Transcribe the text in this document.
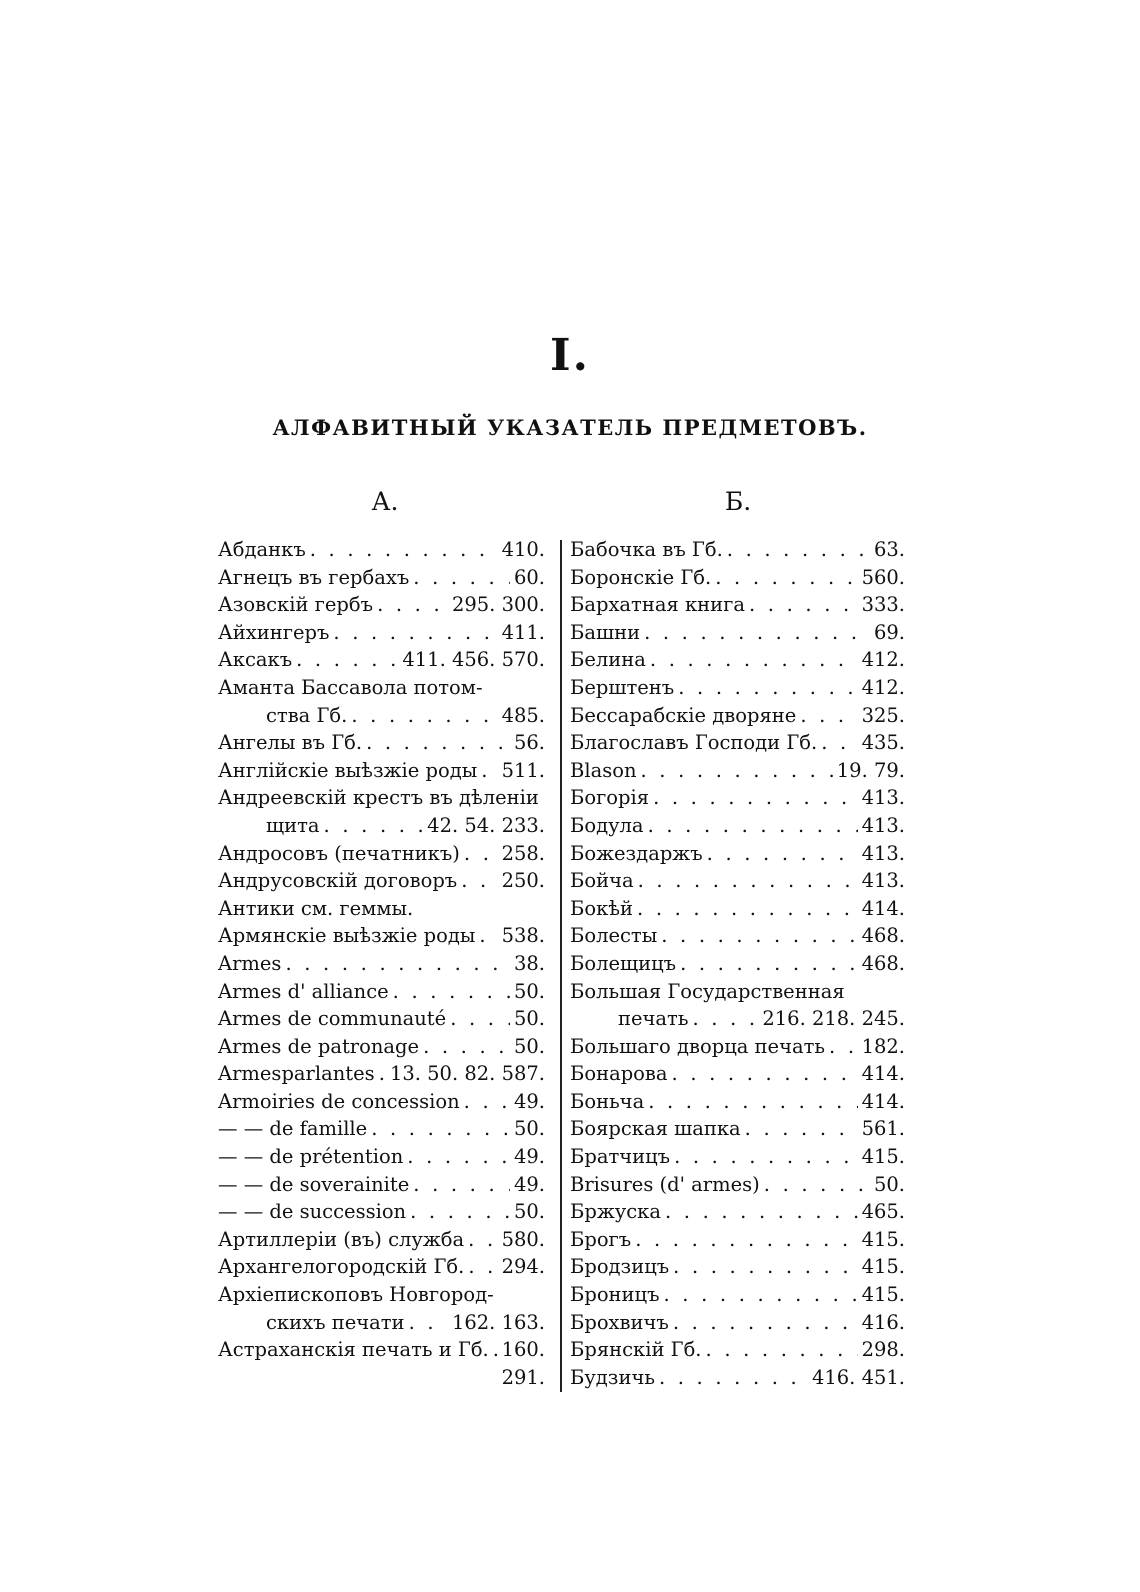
I.
АЛФАВИТНЫЙ УКАЗАТЕЛЬ ПРЕДМЕТОВЪ.
А.	Б.
Абданкъ . . .	410.
Агнецъ въ гербахъ . . .	60.
Азовскій гербъ . . .	295. 300.
Айхингеръ . . .	411.
Аксакъ . . .	411. 456. 570.
Аманта Бассавола потом-
ства Гб. . . .	485.
Ангелы въ Гб. . . .	56.
Англійскіе выѣзжіе роды . . . 511.
Андреевскій крестъ въ дѣленіи
щита . . .	42. 54. 233.
Андросовъ (печатникъ) . . . 258.
Андрусовскій договоръ . . . 250.
Антики см. геммы.
Армянскіе выѣзжіе роды . . . 538.
Armes . . .	38.
Armes d' alliance . . .	50.
Armes de communauté . . .	50.
Armes de patronage . . .	50.
Armesparlantes . . . 13. 50. 82. 587.
Armoiries de concession . . .	49.
— — de famille . . .	50.
— — de prétention . . .	49.
— — de soverainite . . .	49.
— — de succession . . .	50.
Артиллеріи (въ) служба . . . 580.
Архангелогородскій Гб. . . . 294.
Архіепископовъ Новгород-
скихъ печати . . . 162. 163.
Астраханскія печать и Гб. . . . 160.
291.
Бабочка въ Гб. . . .	63.
Боронскіе Гб. . . .	560.
Бархатная книга . . .	333.
Башни . . .	69.
Белина . . .	412.
Берштенъ . . .	412.
Бессарабскіе дворяне . . .	325.
Благославъ Господи Гб. . . . 435.
Blason . . .	19. 79.
Богорія . . .	413.
Бодула . . .	413.
Божездаржъ . . .	413.
Бойча . . .	413.
Бокѣй . . .	414.
Болесты . . .	468.
Болещицъ . . .	468.
Большая Государственная
печать . . .	216. 218. 245.
Большаго дворца печать . . . 182.
Бонарова . . .	414.
Боньча . . .	414.
Боярская шапка . . .	561.
Братчицъ . . .	415.
Brisures (d' armes) . . .	50.
Бржуска . . .	465.
Брогъ . . .	415.
Бродзицъ . . .	415.
Броницъ . . .	415.
Брохвичъ . . .	416.
Брянскій Гб. . . .	298.
Будзичь . . .	416. 451.
